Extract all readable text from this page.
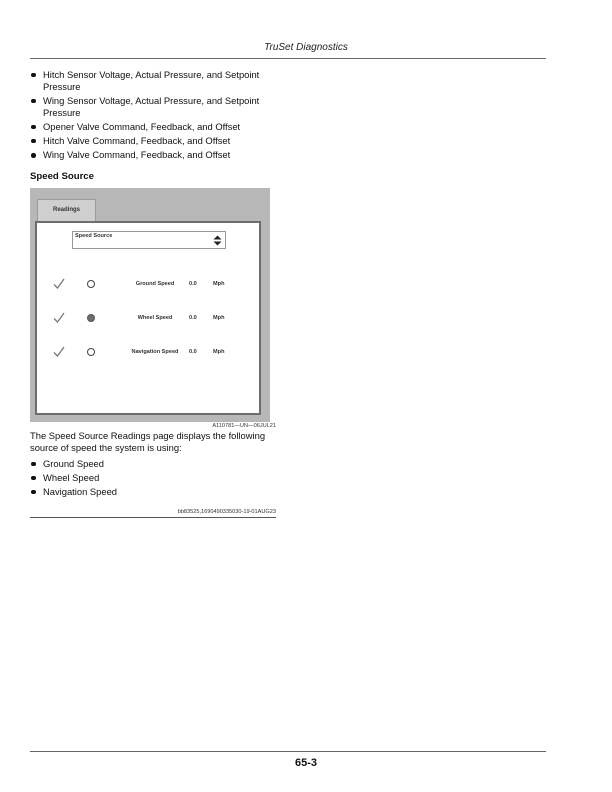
TruSet Diagnostics
Hitch Sensor Voltage, Actual Pressure, and Setpoint Pressure
Wing Sensor Voltage, Actual Pressure, and Setpoint Pressure
Opener Valve Command, Feedback, and Offset
Hitch Valve Command, Feedback, and Offset
Wing Valve Command, Feedback, and Offset
Speed Source
Readings
Speed Source
Ground Speed	0.0	Mph
Wheel Speed	0.0	Mph
Navigation Speed	0.0	Mph
A110781—UN—06JUL21

The Speed Source Readings page displays the following source of speed the system is using:

Ground Speed
Wheel Speed
Navigation Speed
bb83525,1690490335030-19-01AUG23
65-3
